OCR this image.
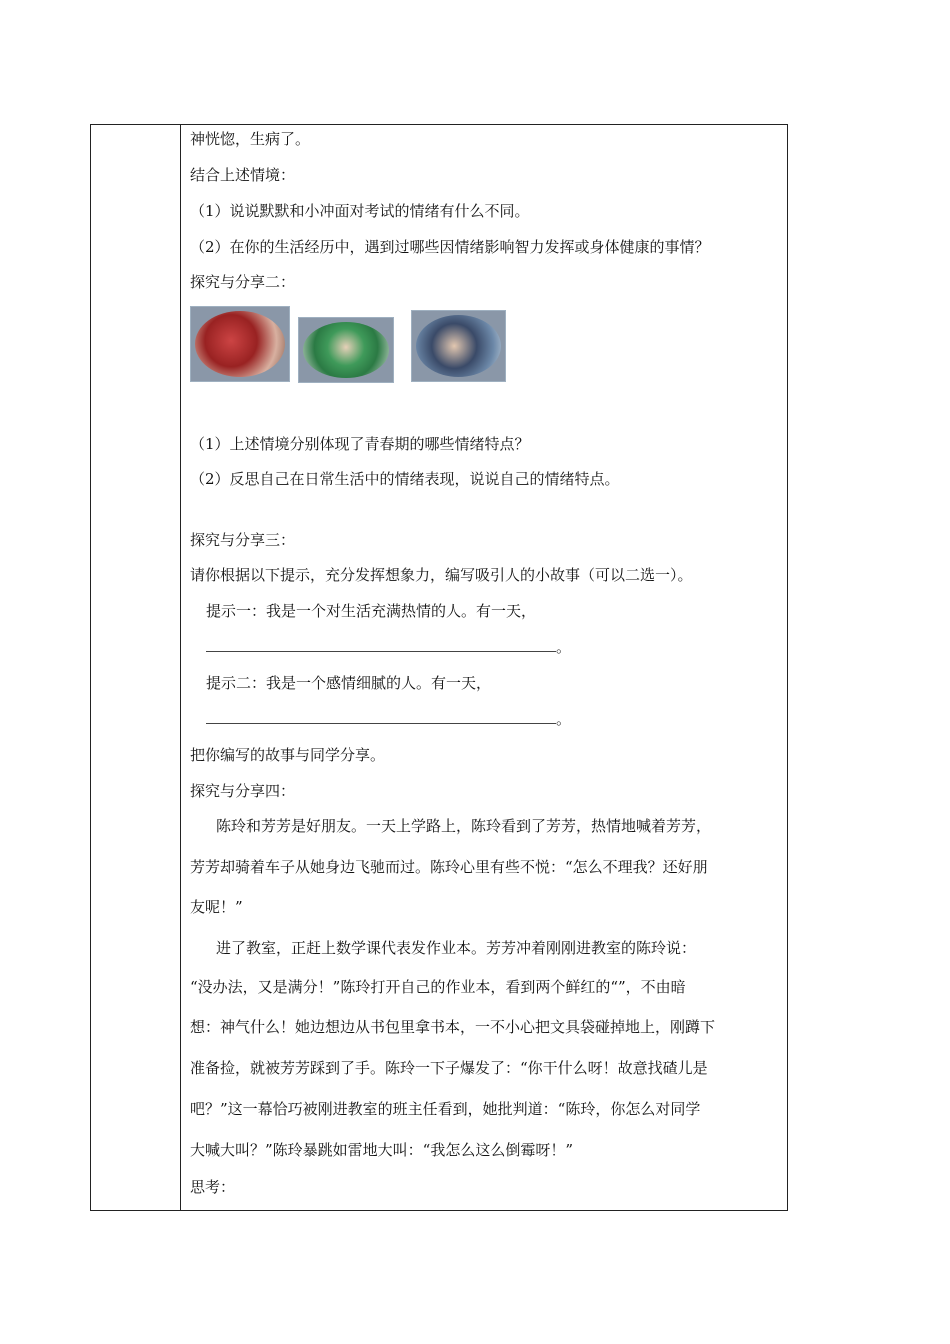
神恍惚，生病了。
结合上述情境：
（1）说说默默和小冲面对考试的情绪有什么不同。
（2）在你的生活经历中，遇到过哪些因情绪影响智力发挥或身体健康的事情？
探究与分享二：
（1）上述情境分别体现了青春期的哪些情绪特点？
（2）反思自己在日常生活中的情绪表现，说说自己的情绪特点。
探究与分享三：
请你根据以下提示，充分发挥想象力，编写吸引人的小故事（可以二选一）。
提示一：我是一个对生活充满热情的人。有一天，
。
提示二：我是一个感情细腻的人。有一天，
。
把你编写的故事与同学分享。
探究与分享四：
陈玲和芳芳是好朋友。一天上学路上，陈玲看到了芳芳，热情地喊着芳芳，
芳芳却骑着车子从她身边飞驰而过。陈玲心里有些不悦：“怎么不理我？还好朋
友呢！”
进了教室，正赶上数学课代表发作业本。芳芳冲着刚刚进教室的陈玲说：
“没办法，又是满分！”陈玲打开自己的作业本，看到两个鲜红的“”，不由暗
想：神气什么！她边想边从书包里拿书本，一不小心把文具袋碰掉地上，刚蹲下
准备捡，就被芳芳踩到了手。陈玲一下子爆发了：“你干什么呀！故意找碴儿是
吧？”这一幕恰巧被刚进教室的班主任看到，她批判道：“陈玲，你怎么对同学
大喊大叫？”陈玲暴跳如雷地大叫：“我怎么这么倒霉呀！”
思考：
